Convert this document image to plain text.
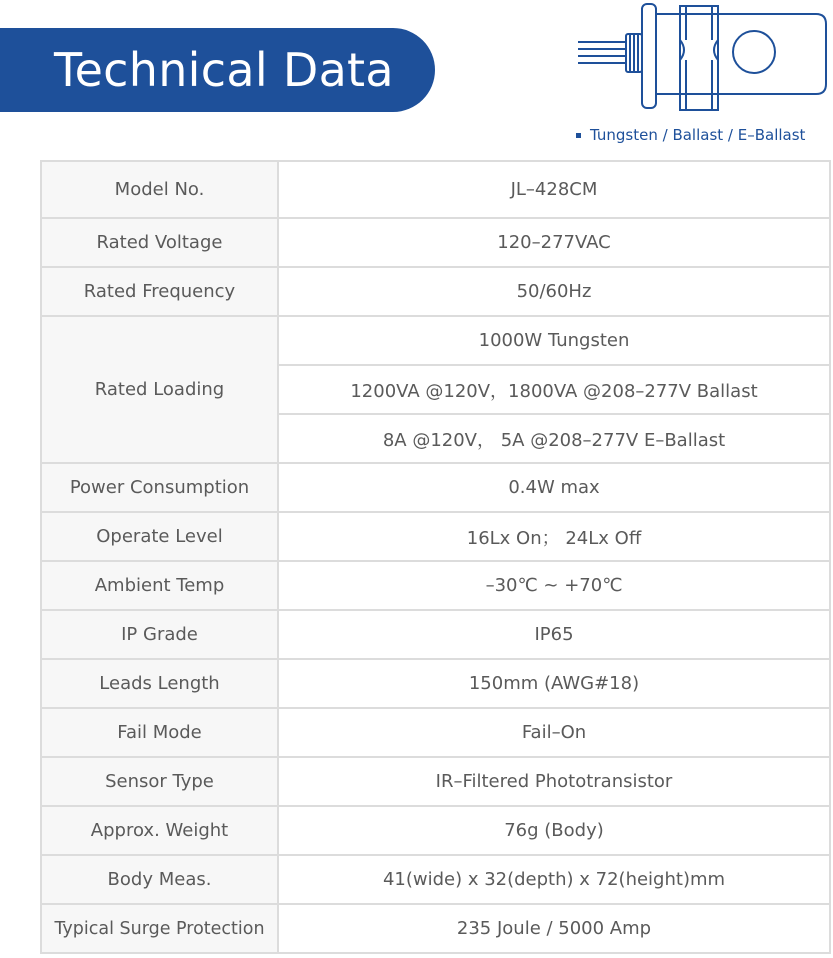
Technical Data
Tungsten / Ballast / E–Ballast
Model No.	JL–428CM
Rated Voltage	120–277VAC
Rated Frequency	50/60Hz
Rated Loading	1000W Tungsten
	1200VA @120V，1800VA @208–277V Ballast
	8A @120V， 5A @208–277V E–Ballast
Power Consumption	0.4W max
Operate Level	16Lx On； 24Lx Off
Ambient Temp	–30℃ ~ +70℃
IP Grade	IP65
Leads Length	150mm (AWG#18)
Fail Mode	Fail–On
Sensor Type	IR–Filtered Phototransistor
Approx. Weight	76g (Body)
Body Meas.	41(wide) x 32(depth) x 72(height)mm
Typical Surge Protection	235 Joule / 5000 Amp
